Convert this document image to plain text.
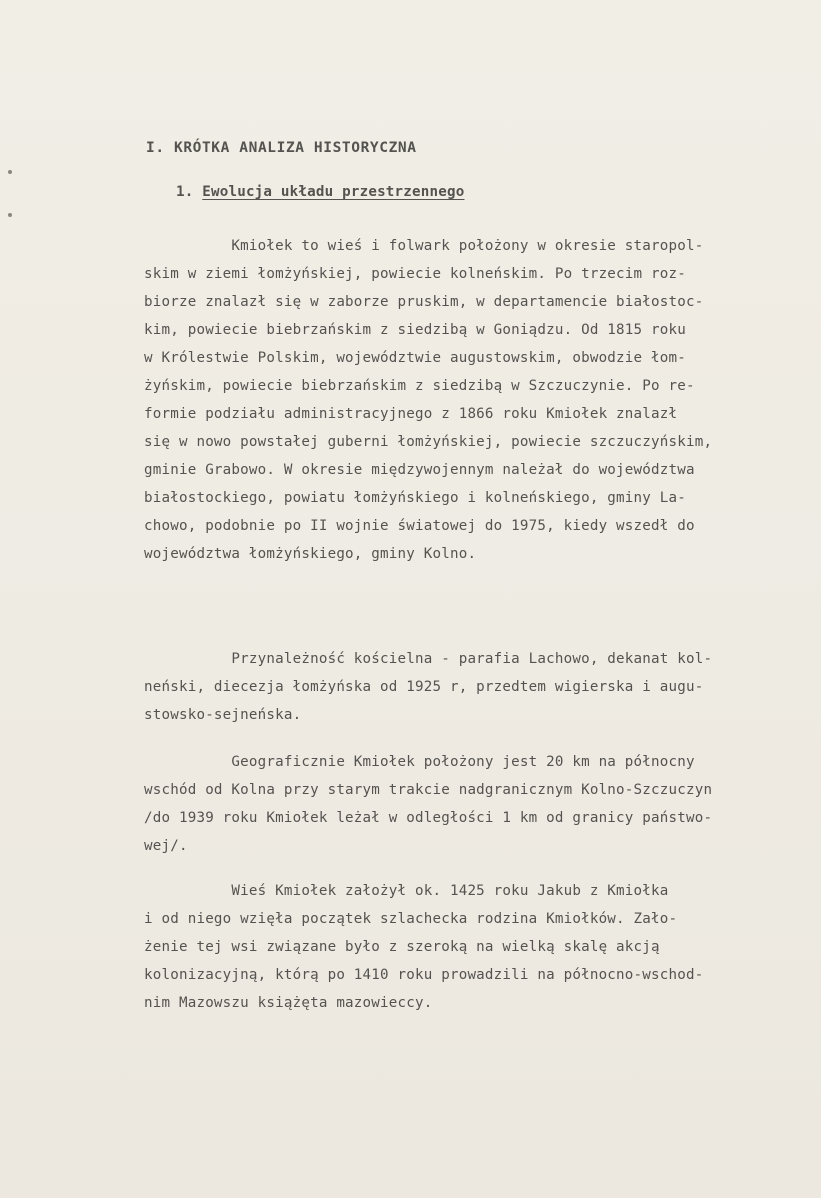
I. KRÓTKA ANALIZA HISTORYCZNA
1. Ewolucja układu przestrzennego
Kmiołek to wieś i folwark położony w okresie staropol-
skim w ziemi łomżyńskiej, powiecie kolneńskim. Po trzecim roz-
biorze znalazł się w zaborze pruskim, w departamencie białostoc-
kim, powiecie biebrzańskim z siedzibą w Goniądzu. Od 1815 roku
w Królestwie Polskim, województwie augustowskim, obwodzie łom-
żyńskim, powiecie biebrzańskim z siedzibą w Szczuczynie. Po re-
formie podziału administracyjnego z 1866 roku Kmiołek znalazł
się w nowo powstałej guberni łomżyńskiej, powiecie szczuczyńskim,
gminie Grabowo. W okresie międzywojennym należał do województwa
białostockiego, powiatu łomżyńskiego i kolneńskiego, gminy La-
chowo, podobnie po II wojnie światowej do 1975, kiedy wszedł do
województwa łomżyńskiego, gminy Kolno.
Przynależność kościelna - parafia Lachowo, dekanat kol-
neński, diecezja łomżyńska od 1925 r, przedtem wigierska i augu-
stowsko-sejneńska.
Geograficznie Kmiołek położony jest 20 km na północny
wschód od Kolna przy starym trakcie nadgranicznym Kolno-Szczuczyn
/do 1939 roku Kmiołek leżał w odległości 1 km od granicy państwo-
wej/.
Wieś Kmiołek założył ok. 1425 roku Jakub z Kmiołka
i od niego wzięła początek szlachecka rodzina Kmiołków. Zało-
żenie tej wsi związane było z szeroką na wielką skalę akcją
kolonizacyjną, którą po 1410 roku prowadzili na północno-wschod-
nim Mazowszu książęta mazowieccy.
